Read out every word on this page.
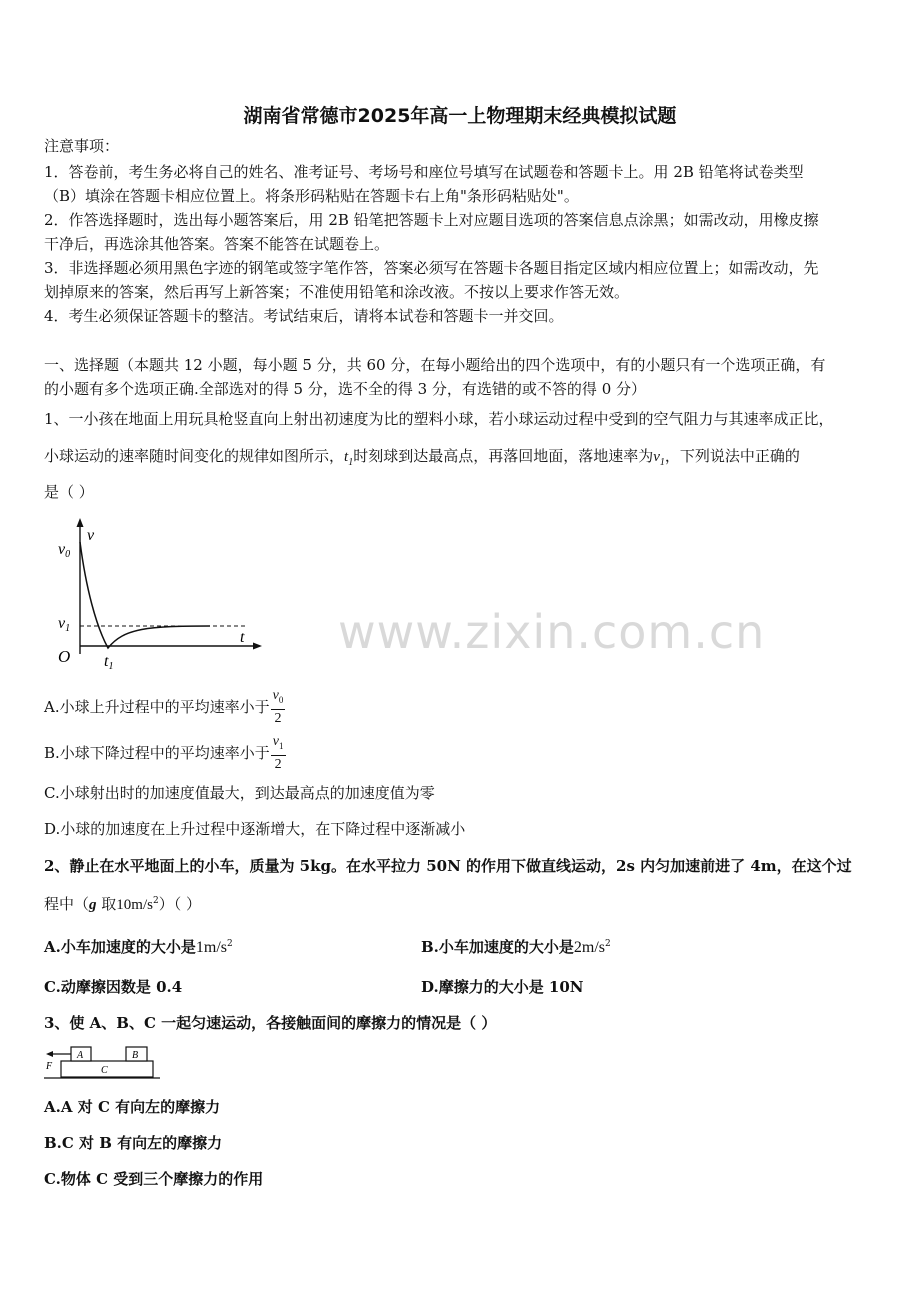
湖南省常德市2025年高一上物理期末经典模拟试题
注意事项：
1．答卷前，考生务必将自己的姓名、准考证号、考场号和座位号填写在试题卷和答题卡上。用 2B 铅笔将试卷类型
（B）填涂在答题卡相应位置上。将条形码粘贴在答题卡右上角"条形码粘贴处"。
2．作答选择题时，选出每小题答案后，用 2B 铅笔把答题卡上对应题目选项的答案信息点涂黑；如需改动，用橡皮擦
干净后，再选涂其他答案。答案不能答在试题卷上。
3．非选择题必须用黑色字迹的钢笔或签字笔作答，答案必须写在答题卡各题目指定区域内相应位置上；如需改动，先
划掉原来的答案，然后再写上新答案；不准使用铅笔和涂改液。不按以上要求作答无效。
4．考生必须保证答题卡的整洁。考试结束后，请将本试卷和答题卡一并交回。
一、选择题（本题共 12 小题，每小题 5 分，共 60 分，在每小题给出的四个选项中，有的小题只有一个选项正确，有
的小题有多个选项正确.全部选对的得 5 分，选不全的得 3 分，有选错的或不答的得 0 分）
1、一小孩在地面上用玩具枪竖直向上射出初速度为比的塑料小球，若小球运动过程中受到的空气阻力与其速率成正比，
小球运动的速率随时间变化的规律如图所示，$t_1$时刻球到达最高点，再落回地面，落地速率为$v_1$，下列说法中正确的
是（ ）
v0
v
v1
t
O t1
www.zixin.com.cn
A.小球上升过程中的平均速率小于 $\frac{v_0}{2}$
B.小球下降过程中的平均速率小于 $\frac{v_1}{2}$
C.小球射出时的加速度值最大，到达最高点的加速度值为零
D.小球的加速度在上升过程中逐渐增大，在下降过程中逐渐减小
2、静止在水平地面上的小车，质量为 5kg。在水平拉力 50N 的作用下做直线运动，2s 内匀加速前进了 4m，在这个过
程中（g 取$10m/s^2$）（ ）
A.小车加速度的大小是$1m/s^2$	B.小车加速度的大小是$2m/s^2$
C.动摩擦因数是 0.4	D.摩擦力的大小是 10N
3、使 A、B、C 一起匀速运动，各接触面间的摩擦力的情况是（ ）
A	B
C
F
A.A 对 C 有向左的摩擦力
B.C 对 B 有向左的摩擦力
C.物体 C 受到三个摩擦力的作用
